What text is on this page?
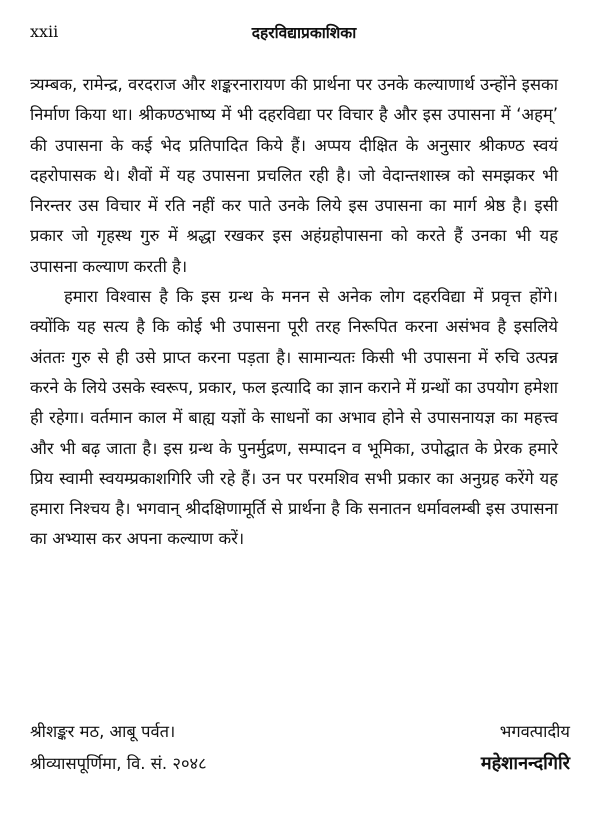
xxii	दहरविद्याप्रकाशिका

त्र्यम्बक, रामेन्द्र, वरदराज और शङ्करनारायण की प्रार्थना पर उनके कल्याणार्थ उन्होंने इसका निर्माण किया था। श्रीकण्ठभाष्य में भी दहरविद्या पर विचार है और इस उपासना में ‘अहम्’ की उपासना के कई भेद प्रतिपादित किये हैं। अप्पय दीक्षित के अनुसार श्रीकण्ठ स्वयं दहरोपासक थे। शैवों में यह उपासना प्रचलित रही है। जो वेदान्तशास्त्र को समझकर भी निरन्तर उस विचार में रति नहीं कर पाते उनके लिये इस उपासना का मार्ग श्रेष्ठ है। इसी प्रकार जो गृहस्थ गुरु में श्रद्धा रखकर इस अहंग्रहोपासना को करते हैं उनका भी यह उपासना कल्याण करती है।

हमारा विश्वास है कि इस ग्रन्थ के मनन से अनेक लोग दहरविद्या में प्रवृत्त होंगे। क्योंकि यह सत्य है कि कोई भी उपासना पूरी तरह निरूपित करना असंभव है इसलिये अंततः गुरु से ही उसे प्राप्त करना पड़ता है। सामान्यतः किसी भी उपासना में रुचि उत्पन्न करने के लिये उसके स्वरूप, प्रकार, फल इत्यादि का ज्ञान कराने में ग्रन्थों का उपयोग हमेशा ही रहेगा। वर्तमान काल में बाह्य यज्ञों के साधनों का अभाव होने से उपासनायज्ञ का महत्त्व और भी बढ़ जाता है। इस ग्रन्थ के पुनर्मुद्रण, सम्पादन व भूमिका, उपोद्घात के प्रेरक हमारे प्रिय स्वामी स्वयम्प्रकाशगिरि जी रहे हैं। उन पर परमशिव सभी प्रकार का अनुग्रह करेंगे यह हमारा निश्चय है। भगवान् श्रीदक्षिणामूर्ति से प्रार्थना है कि सनातन धर्मावलम्बी इस उपासना का अभ्यास कर अपना कल्याण करें।

श्रीशङ्कर मठ, आबू पर्वत।
श्रीव्यासपूर्णिमा, वि. सं. २०४८
भगवत्पादीय
महेशानन्दगिरि
